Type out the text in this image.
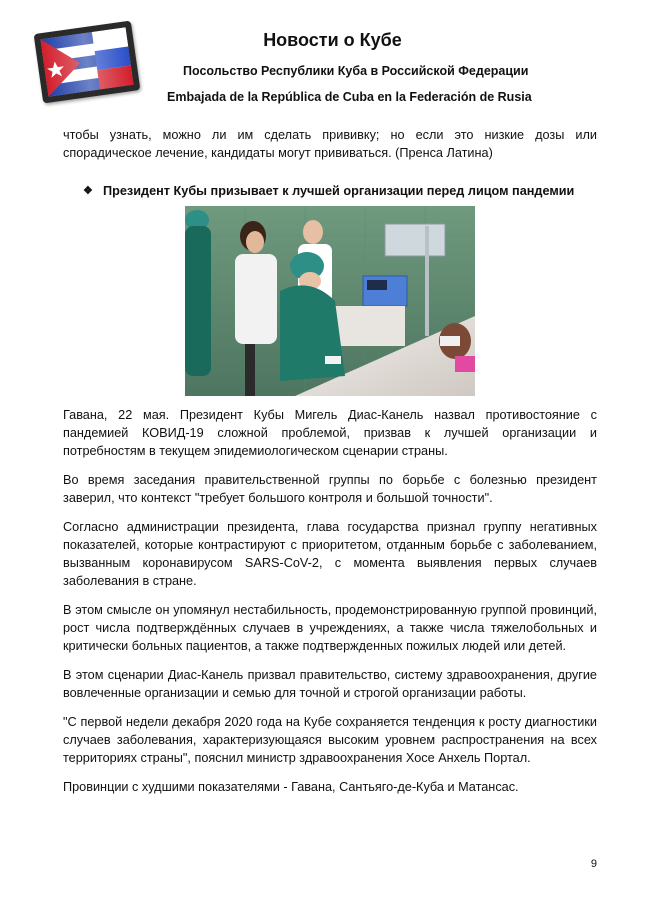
Новости о Кубе
Посольство Республики Куба в Российской Федерации
Embajada de la República de Cuba en la Federación de Rusia

чтобы узнать, можно ли им сделать прививку; но если это низкие дозы или спорадическое лечение, кандидаты могут прививаться. (Пренса Латина)

❖ Президент Кубы призывает к лучшей организации перед лицом пандемии

Гавана, 22 мая. Президент Кубы Мигель Диас-Канель назвал противостояние с пандемией КОВИД-19 сложной проблемой, призвав к лучшей организации и потребностям в текущем эпидемиологическом сценарии страны.

Во время заседания правительственной группы по борьбе с болезнью президент заверил, что контекст "требует большого контроля и большой точности".

Согласно администрации президента, глава государства признал группу негативных показателей, которые контрастируют с приоритетом, отданным борьбе с заболеванием, вызванным коронавирусом SARS-CoV-2, с момента выявления первых случаев заболевания в стране.

В этом смысле он упомянул нестабильность, продемонстрированную группой провинций, рост числа подтверждённых случаев в учреждениях, а также числа тяжелобольных и критически больных пациентов, а также подтвержденных пожилых людей или детей.

В этом сценарии Диас-Канель призвал правительство, систему здравоохранения, другие вовлеченные организации и семью для точной и строгой организации работы.

"С первой недели декабря 2020 года на Кубе сохраняется тенденция к росту диагностики случаев заболевания, характеризующаяся высоким уровнем распространения на всех территориях страны", пояснил министр здравоохранения Хосе Анхель Портал.

Провинции с худшими показателями - Гавана, Сантьяго-де-Куба и Матансас.

9
